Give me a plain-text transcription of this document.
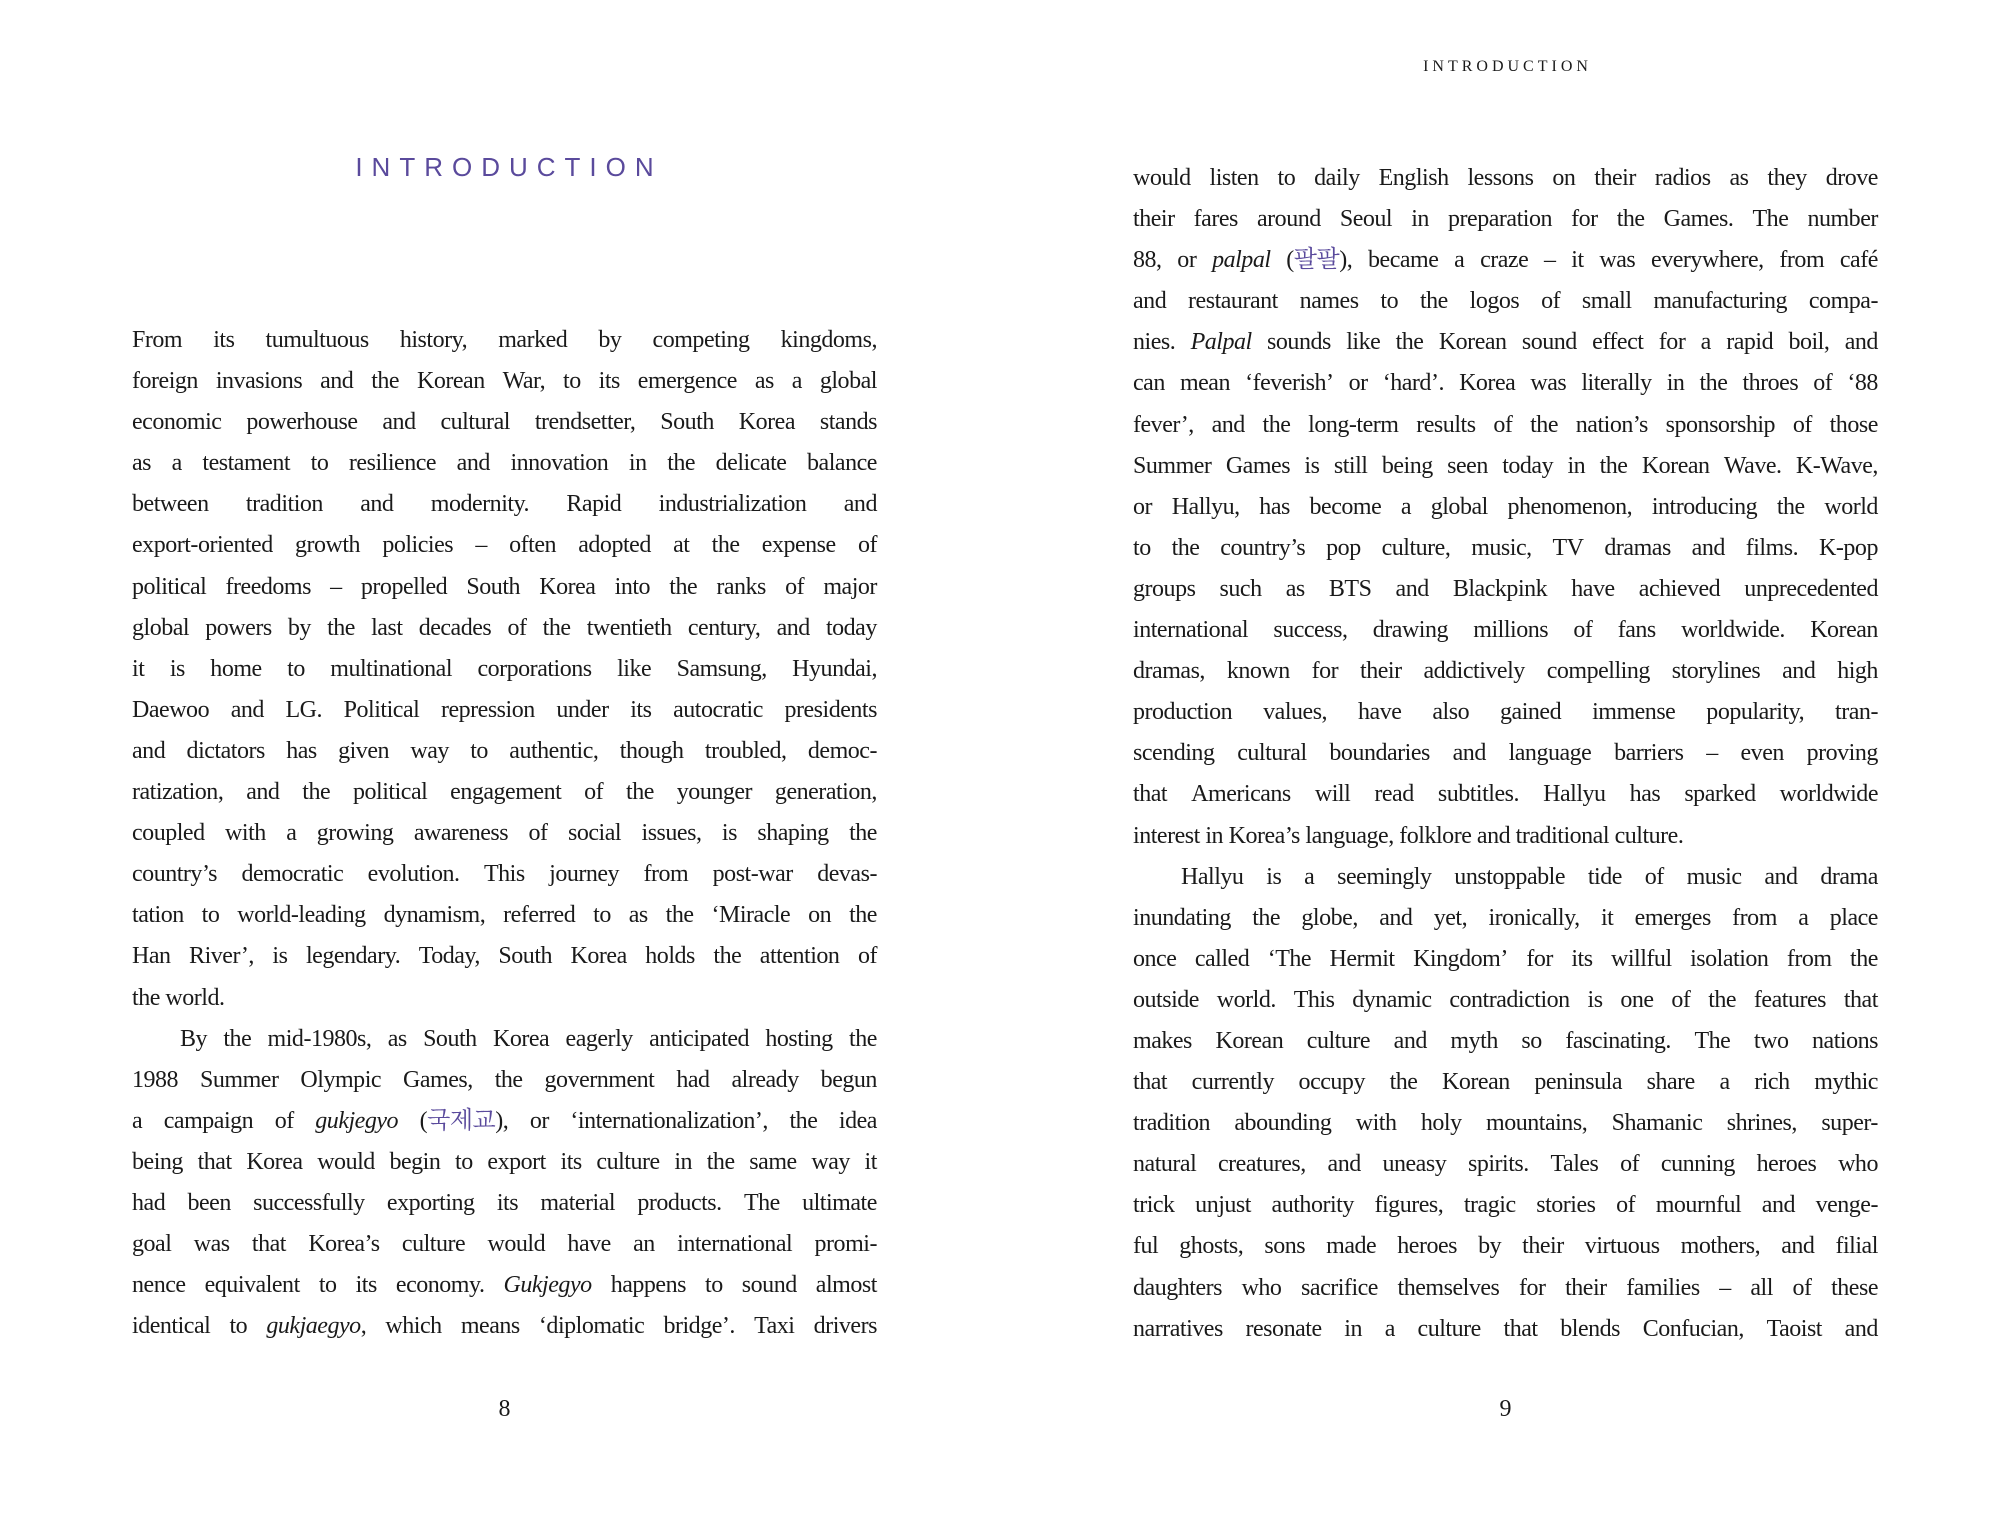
INTRODUCTION
INTRODUCTION
From its tumultuous history, marked by competing kingdoms,
foreign invasions and the Korean War, to its emergence as a global
economic powerhouse and cultural trendsetter, South Korea stands
as a testament to resilience and innovation in the delicate balance
between tradition and modernity. Rapid industrialization and
export-oriented growth policies – often adopted at the expense of
political freedoms – propelled South Korea into the ranks of major
global powers by the last decades of the twentieth century, and today
it is home to multinational corporations like Samsung, Hyundai,
Daewoo and LG. Political repression under its autocratic presidents
and dictators has given way to authentic, though troubled, democ-
ratization, and the political engagement of the younger generation,
coupled with a growing awareness of social issues, is shaping the
country’s democratic evolution. This journey from post-war devas-
tation to world-leading dynamism, referred to as the ‘Miracle on the
Han River’, is legendary. Today, South Korea holds the attention of
the world.
By the mid-1980s, as South Korea eagerly anticipated hosting the
1988 Summer Olympic Games, the government had already begun
a campaign of gukjegyo (국제교), or ‘internationalization’, the idea
being that Korea would begin to export its culture in the same way it
had been successfully exporting its material products. The ultimate
goal was that Korea’s culture would have an international promi-
nence equivalent to its economy. Gukjegyo happens to sound almost
identical to gukjaegyo, which means ‘diplomatic bridge’. Taxi drivers
would listen to daily English lessons on their radios as they drove
their fares around Seoul in preparation for the Games. The number
88, or palpal (팔팔), became a craze – it was everywhere, from café
and restaurant names to the logos of small manufacturing compa-
nies. Palpal sounds like the Korean sound effect for a rapid boil, and
can mean ‘feverish’ or ‘hard’. Korea was literally in the throes of ‘88
fever’, and the long-term results of the nation’s sponsorship of those
Summer Games is still being seen today in the Korean Wave. K-Wave,
or Hallyu, has become a global phenomenon, introducing the world
to the country’s pop culture, music, TV dramas and films. K-pop
groups such as BTS and Blackpink have achieved unprecedented
international success, drawing millions of fans worldwide. Korean
dramas, known for their addictively compelling storylines and high
production values, have also gained immense popularity, tran-
scending cultural boundaries and language barriers – even proving
that Americans will read subtitles. Hallyu has sparked worldwide
interest in Korea’s language, folklore and traditional culture.
Hallyu is a seemingly unstoppable tide of music and drama
inundating the globe, and yet, ironically, it emerges from a place
once called ‘The Hermit Kingdom’ for its willful isolation from the
outside world. This dynamic contradiction is one of the features that
makes Korean culture and myth so fascinating. The two nations
that currently occupy the Korean peninsula share a rich mythic
tradition abounding with holy mountains, Shamanic shrines, super-
natural creatures, and uneasy spirits. Tales of cunning heroes who
trick unjust authority figures, tragic stories of mournful and venge-
ful ghosts, sons made heroes by their virtuous mothers, and filial
daughters who sacrifice themselves for their families – all of these
narratives resonate in a culture that blends Confucian, Taoist and
8	9
